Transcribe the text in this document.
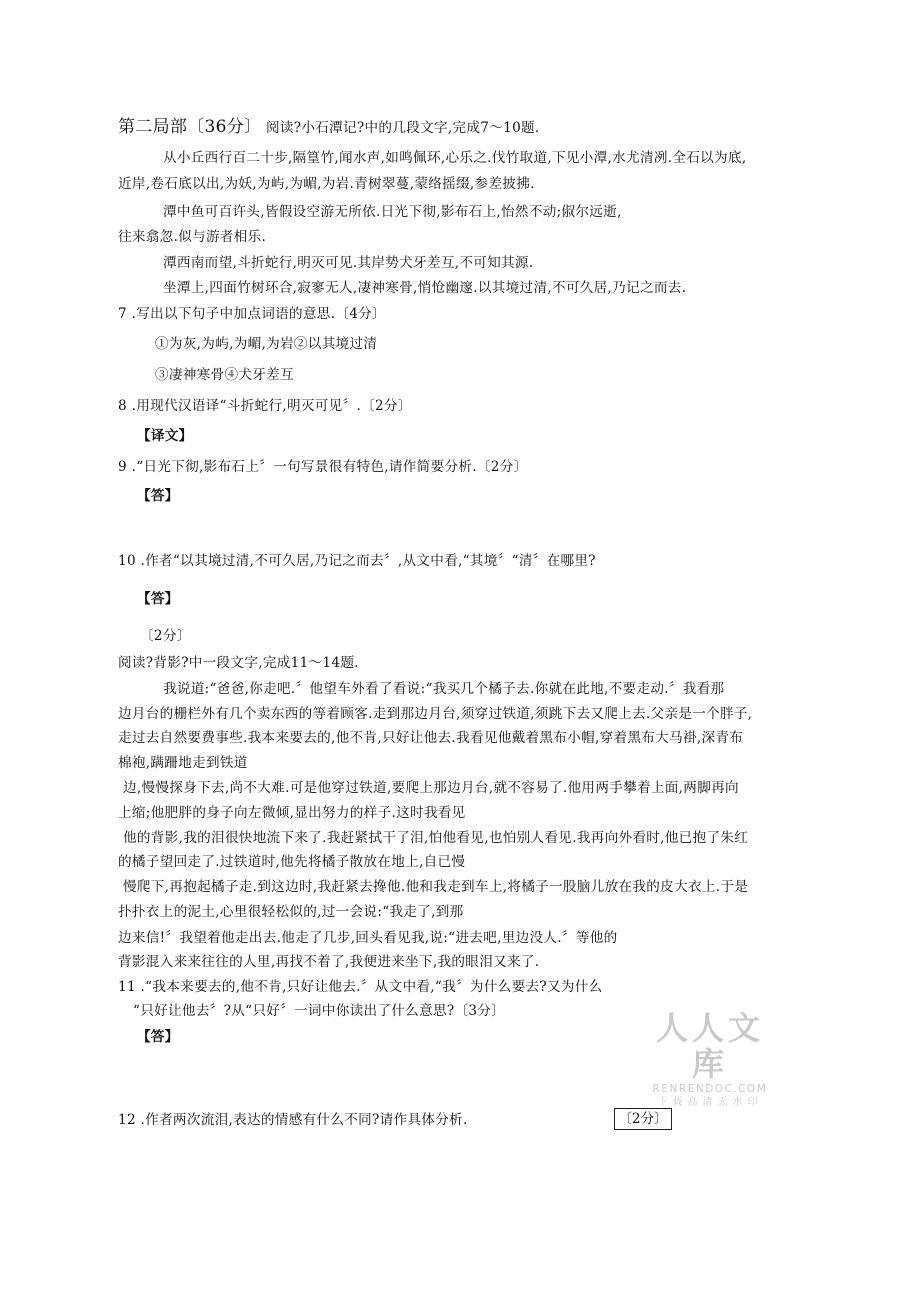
第二局部〔36分〕 阅读?小石潭记?中的几段文字,完成7〜10题.
从小丘西行百二十步,隔篁竹,闻水声,如鸣佩环,心乐之.伐竹取道,下见小潭,水尤清冽.全石以为底,
近岸,卷石底以出,为妖,为屿,为嵋,为岩.青树翠蔓,蒙络摇缀,参差披拂.
潭中鱼可百许头,皆假设空游无所依.日光下彻,影布石上,怡然不动;俶尔远逝,
往来翕忽.似与游者相乐.
潭西南而望,斗折蛇行,明灭可见.其岸势犬牙差互,不可知其源.
坐潭上,四面竹树环合,寂寥无人,凄神寒骨,悄怆幽邃.以其境过清,不可久居,乃记之而去.
7 .写出以下句子中加点词语的意思.〔4分〕
①为灰,为屿,为嵋,为岩②以其境过清
③凄神寒骨④犬牙差互
8 .用现代汉语译“斗折蛇行,明灭可见〞.〔2分〕
【译文】
9 .“日光下彻,影布石上〞一句写景很有特色,请作简要分析.〔2分〕
【答】
10 .作者“以其境过清,不可久居,乃记之而去〞,从文中看,“其境〞“清〞在哪里?
【答】
〔2分〕
阅读?背影?中一段文字,完成11〜14题.
我说道:“爸爸,你走吧.〞他望车外看了看说:“我买几个橘子去.你就在此地,不要走动.〞我看那
边月台的栅栏外有几个卖东西的等着顾客.走到那边月台,须穿过铁道,须跳下去又爬上去.父亲是一个胖子,
走过去自然要费事些.我本来要去的,他不肯,只好让他去.我看见他戴着黑布小帽,穿着黑布大马褂,深青布
棉袍,蹒跚地走到铁道
边,慢慢探身下去,尚不大难.可是他穿过铁道,要爬上那边月台,就不容易了.他用两手攀着上面,两脚再向
上缩;他肥胖的身子向左微倾,显出努力的样子.这时我看见
他的背影,我的泪很快地流下来了.我赶紧拭干了泪,怕他看见,也怕别人看见.我再向外看时,他已抱了朱红
的橘子望回走了.过铁道时,他先将橘子散放在地上,自已慢
慢爬下,再抱起橘子走.到这边时,我赶紧去搀他.他和我走到车上,将橘子一股脑儿放在我的皮大衣上.于是
扑扑衣上的泥土,心里很轻松似的,过一会说:“我走了,到那
边来信!〞我望着他走出去.他走了几步,回头看见我,说:“进去吧,里边没人.〞等他的
背影混入来来往往的人里,再找不着了,我便进来坐下,我的眼泪又来了.
11 .“我本来要去的,他不肯,只好让他去.〞从文中看,“我〞为什么要去?又为什么
“只好让他去〞?从“只好〞一词中你读出了什么意思?〔3分〕
【答】
12 .作者两次流泪,表达的情感有什么不同?请作具体分析.	〔2分〕
人人文库
RENRENDOC.COM
下载高清无水印
